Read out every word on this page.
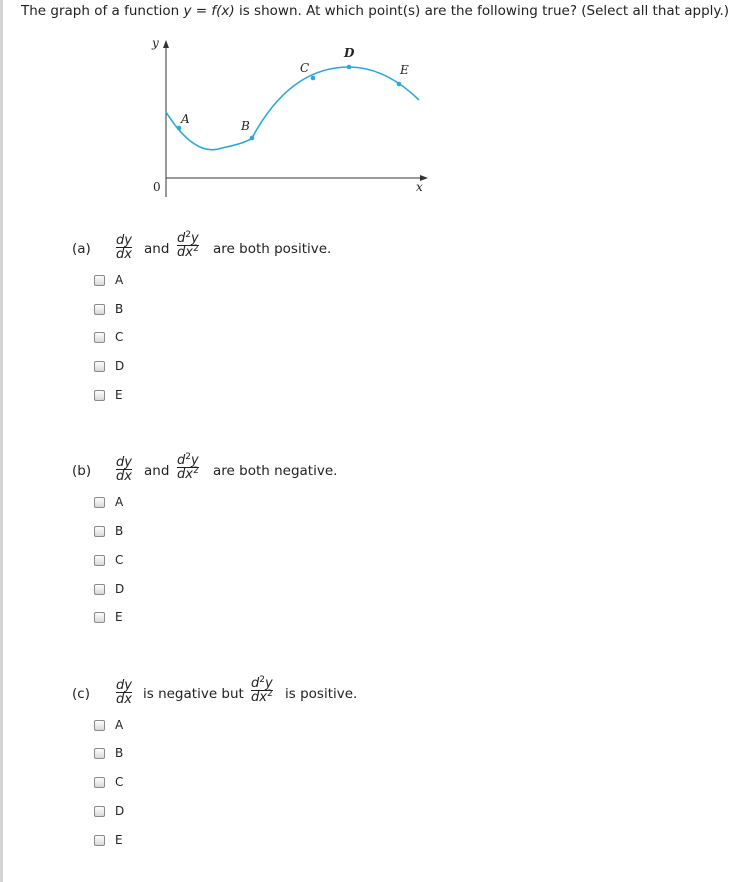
The graph of a function y = f(x) is shown. At which point(s) are the following true? (Select all that apply.)
y
x
0
A	B
C
D
E
$(a) \frac{dy}{dx}$ and $\frac{d^2y}{dx^2}$ are both positive.
A
B
C
D
E
$(b) \frac{dy}{dx}$ and $\frac{d^2y}{dx^2}$ are both negative.
A
B
C
D
E
$(c) \frac{dy}{dx}$ is negative but $\frac{d^2y}{dx^2}$ is positive.
A
B
C
D
E
